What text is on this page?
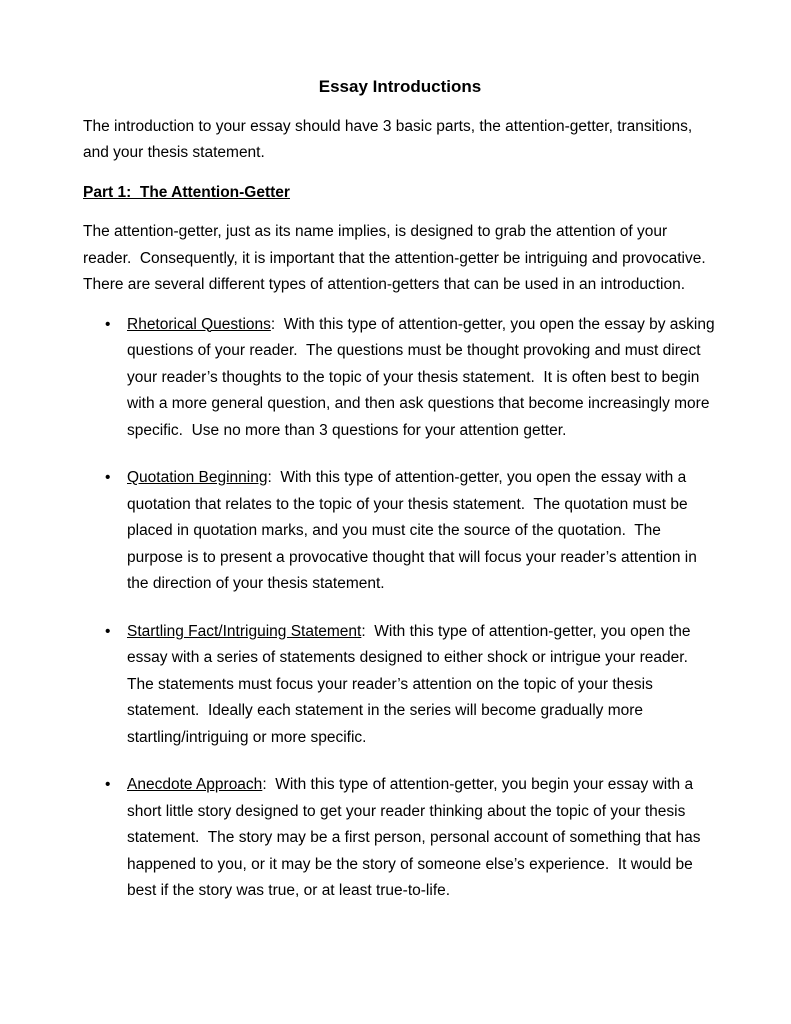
Essay Introductions

The introduction to your essay should have 3 basic parts, the attention-getter, transitions, and your thesis statement.

Part 1:  The Attention-Getter

The attention-getter, just as its name implies, is designed to grab the attention of your reader.  Consequently, it is important that the attention-getter be intriguing and provocative.  There are several different types of attention-getters that can be used in an introduction.

•	Rhetorical Questions:  With this type of attention-getter, you open the essay by asking questions of your reader.  The questions must be thought provoking and must direct your reader’s thoughts to the topic of your thesis statement.  It is often best to begin with a more general question, and then ask questions that become increasingly more specific.  Use no more than 3 questions for your attention getter.
•	Quotation Beginning:  With this type of attention-getter, you open the essay with a quotation that relates to the topic of your thesis statement.  The quotation must be placed in quotation marks, and you must cite the source of the quotation.  The purpose is to present a provocative thought that will focus your reader’s attention in the direction of your thesis statement.
•	Startling Fact/Intriguing Statement:  With this type of attention-getter, you open the essay with a series of statements designed to either shock or intrigue your reader.  The statements must focus your reader’s attention on the topic of your thesis statement.  Ideally each statement in the series will become gradually more startling/intriguing or more specific.
•	Anecdote Approach:  With this type of attention-getter, you begin your essay with a short little story designed to get your reader thinking about the topic of your thesis statement.  The story may be a first person, personal account of something that has happened to you, or it may be the story of someone else’s experience.  It would be best if the story was true, or at least true-to-life.
